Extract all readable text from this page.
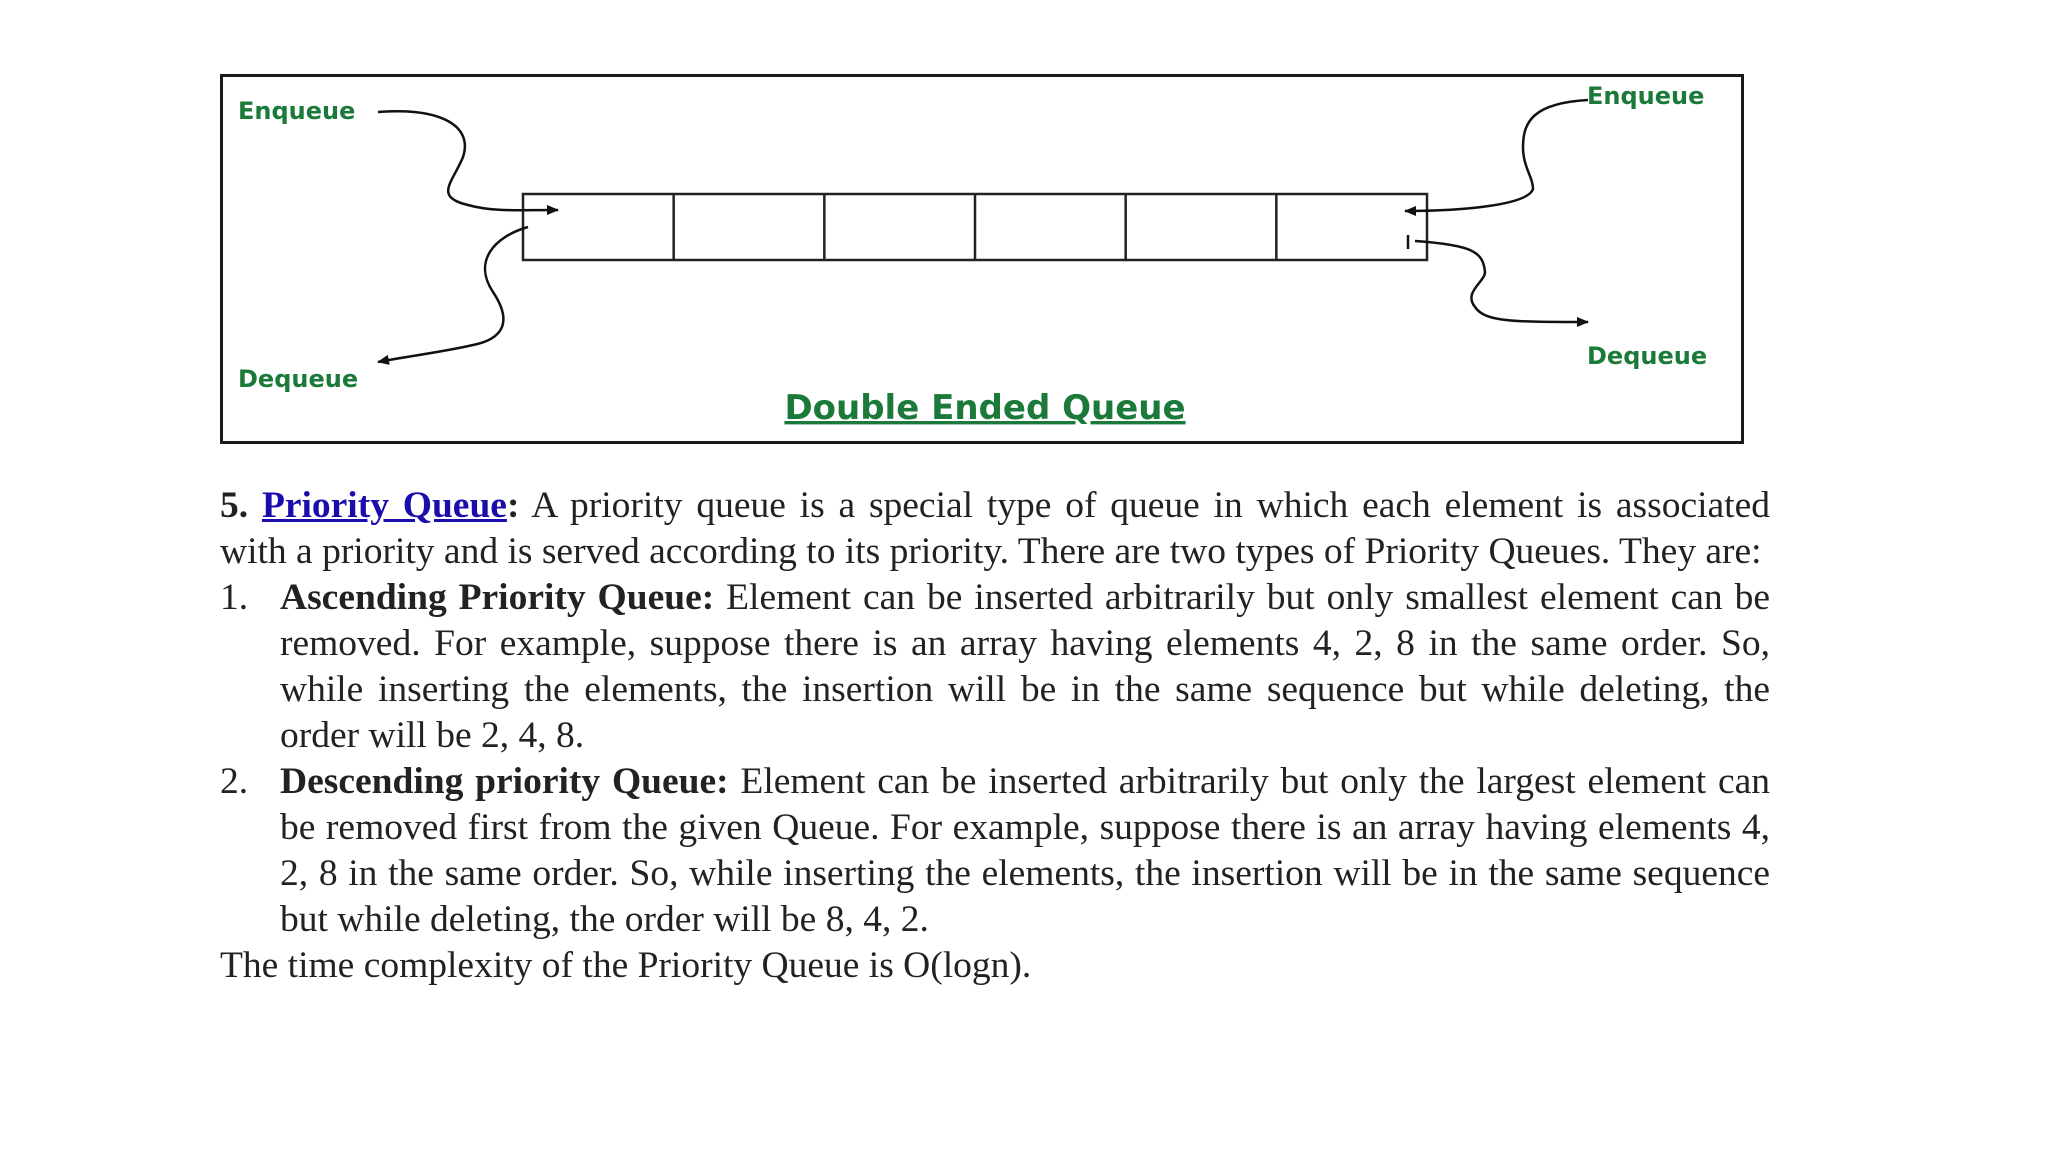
Enqueue
Enqueue
Dequeue
Dequeue
Double Ended Queue

5. Priority Queue: A priority queue is a special type of queue in which each element is associated with a priority and is served according to its priority. There are two types of Priority Queues. They are:

1. Ascending Priority Queue: Element can be inserted arbitrarily but only smallest element can be removed. For example, suppose there is an array having elements 4, 2, 8 in the same order. So, while inserting the elements, the insertion will be in the same sequence but while deleting, the order will be 2, 4, 8.
2. Descending priority Queue: Element can be inserted arbitrarily but only the largest element can be removed first from the given Queue. For example, suppose there is an array having elements 4, 2, 8 in the same order. So, while inserting the elements, the insertion will be in the same sequence but while deleting, the order will be 8, 4, 2.

The time complexity of the Priority Queue is O(logn).
